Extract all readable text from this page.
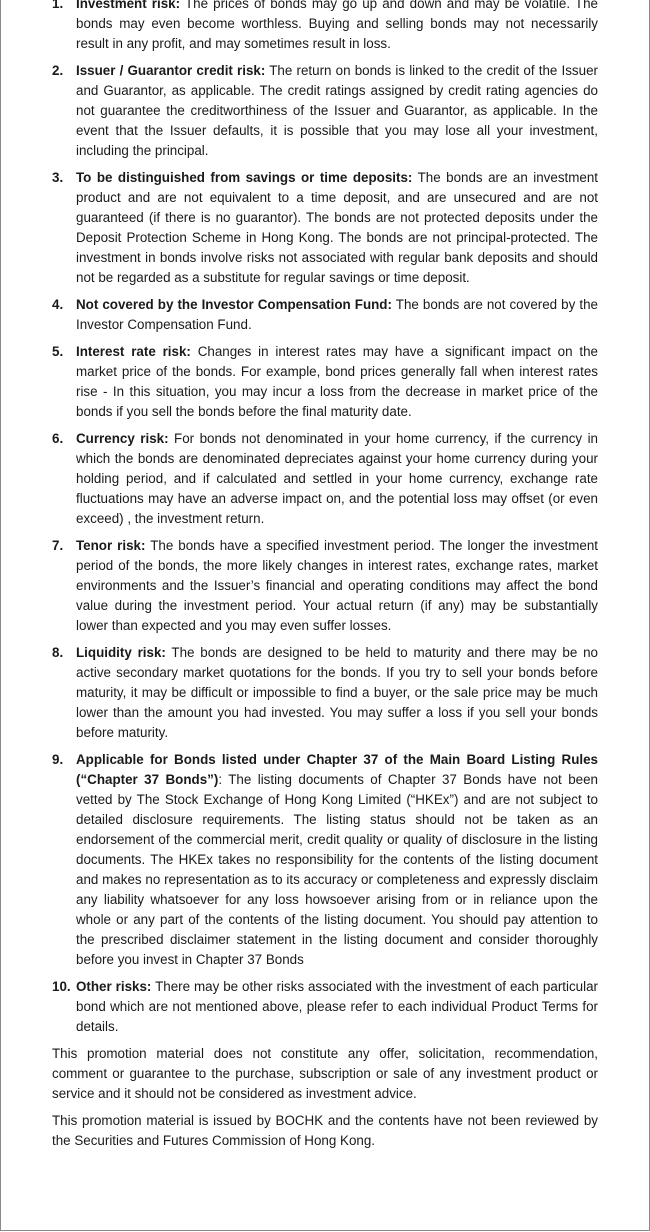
1. Investment risk: The prices of bonds may go up and down and may be volatile. The bonds may even become worthless. Buying and selling bonds may not necessarily result in any profit, and may sometimes result in loss.
2. Issuer / Guarantor credit risk: The return on bonds is linked to the credit of the Issuer and Guarantor, as applicable. The credit ratings assigned by credit rating agencies do not guarantee the creditworthiness of the Issuer and Guarantor, as applicable. In the event that the Issuer defaults, it is possible that you may lose all your investment, including the principal.
3. To be distinguished from savings or time deposits: The bonds are an investment product and are not equivalent to a time deposit, and are unsecured and are not guaranteed (if there is no guarantor). The bonds are not protected deposits under the Deposit Protection Scheme in Hong Kong. The bonds are not principal-protected. The investment in bonds involve risks not associated with regular bank deposits and should not be regarded as a substitute for regular savings or time deposit.
4. Not covered by the Investor Compensation Fund: The bonds are not covered by the Investor Compensation Fund.
5. Interest rate risk: Changes in interest rates may have a significant impact on the market price of the bonds. For example, bond prices generally fall when interest rates rise - In this situation, you may incur a loss from the decrease in market price of the bonds if you sell the bonds before the final maturity date.
6. Currency risk: For bonds not denominated in your home currency, if the currency in which the bonds are denominated depreciates against your home currency during your holding period, and if calculated and settled in your home currency, exchange rate fluctuations may have an adverse impact on, and the potential loss may offset (or even exceed) , the investment return.
7. Tenor risk: The bonds have a specified investment period. The longer the investment period of the bonds, the more likely changes in interest rates, exchange rates, market environments and the Issuer’s financial and operating conditions may affect the bond value during the investment period. Your actual return (if any) may be substantially lower than expected and you may even suffer losses.
8. Liquidity risk: The bonds are designed to be held to maturity and there may be no active secondary market quotations for the bonds. If you try to sell your bonds before maturity, it may be difficult or impossible to find a buyer, or the sale price may be much lower than the amount you had invested. You may suffer a loss if you sell your bonds before maturity.
9. Applicable for Bonds listed under Chapter 37 of the Main Board Listing Rules (“Chapter 37 Bonds”): The listing documents of Chapter 37 Bonds have not been vetted by The Stock Exchange of Hong Kong Limited (“HKEx”) and are not subject to detailed disclosure requirements. The listing status should not be taken as an endorsement of the commercial merit, credit quality or quality of disclosure in the listing documents. The HKEx takes no responsibility for the contents of the listing document and makes no representation as to its accuracy or completeness and expressly disclaim any liability whatsoever for any loss howsoever arising from or in reliance upon the whole or any part of the contents of the listing document. You should pay attention to the prescribed disclaimer statement in the listing document and consider thoroughly before you invest in Chapter 37 Bonds
10. Other risks: There may be other risks associated with the investment of each particular bond which are not mentioned above, please refer to each individual Product Terms for details.

This promotion material does not constitute any offer, solicitation, recommendation, comment or guarantee to the purchase, subscription or sale of any investment product or service and it should not be considered as investment advice.

This promotion material is issued by BOCHK and the contents have not been reviewed by the Securities and Futures Commission of Hong Kong.
